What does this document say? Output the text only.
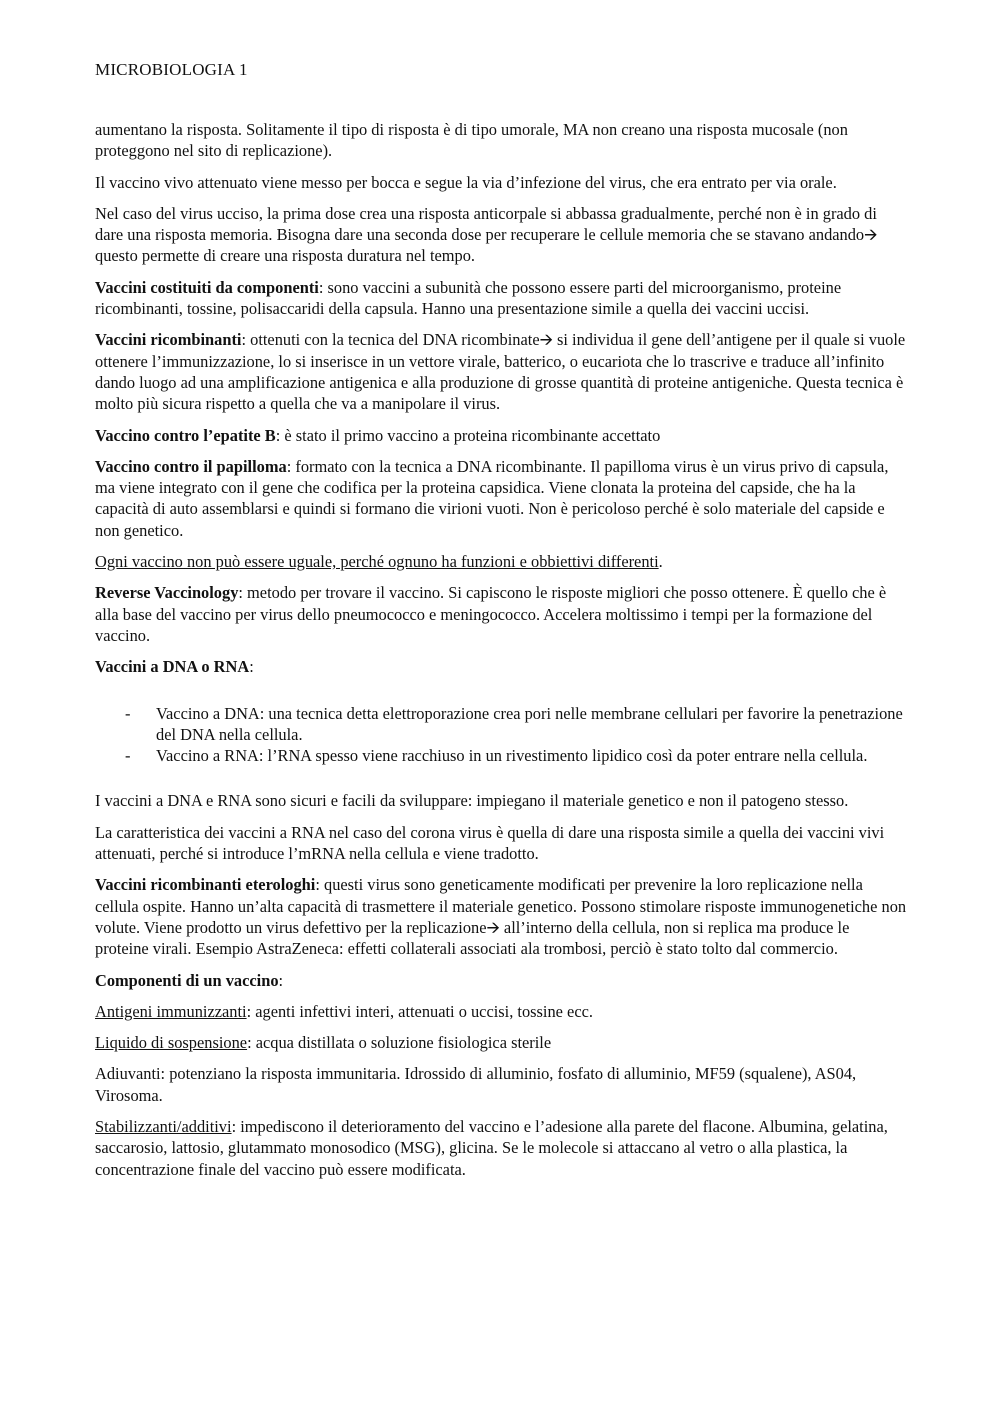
MICROBIOLOGIA 1

aumentano la risposta. Solitamente il tipo di risposta è di tipo umorale, MA non creano una risposta mucosale (non proteggono nel sito di replicazione).

Il vaccino vivo attenuato viene messo per bocca e segue la via d’infezione del virus, che era entrato per via orale.

Nel caso del virus ucciso, la prima dose crea una risposta anticorpale si abbassa gradualmente, perché non è in grado di dare una risposta memoria. Bisogna dare una seconda dose per recuperare le cellule memoria che se stavano andando🡪 questo permette di creare una risposta duratura nel tempo.

Vaccini costituiti da componenti: sono vaccini a subunità che possono essere parti del microorganismo, proteine ricombinanti, tossine, polisaccaridi della capsula. Hanno una presentazione simile a quella dei vaccini uccisi.

Vaccini ricombinanti: ottenuti con la tecnica del DNA ricombinate🡪 si individua il gene dell’antigene per il quale si vuole ottenere l’immunizzazione, lo si inserisce in un vettore virale, batterico, o eucariota che lo trascrive e traduce all’infinito dando luogo ad una amplificazione antigenica e alla produzione di grosse quantità di proteine antigeniche. Questa tecnica è molto più sicura rispetto a quella che va a manipolare il virus.

Vaccino contro l’epatite B: è stato il primo vaccino a proteina ricombinante accettato

Vaccino contro il papilloma: formato con la tecnica a DNA ricombinante. Il papilloma virus è un virus privo di capsula, ma viene integrato con il gene che codifica per la proteina capsidica. Viene clonata la proteina del capside, che ha la capacità di auto assemblarsi e quindi si formano die virioni vuoti. Non è pericoloso perché è solo materiale del capside e non genetico.

Ogni vaccino non può essere uguale, perché ognuno ha funzioni e obbiettivi differenti.

Reverse Vaccinology: metodo per trovare il vaccino. Si capiscono le risposte migliori che posso ottenere. È quello che è alla base del vaccino per virus dello pneumococco e meningococco. Accelera moltissimo i tempi per la formazione del vaccino.

Vaccini a DNA o RNA:

- Vaccino a DNA: una tecnica detta elettroporazione crea pori nelle membrane cellulari per favorire la penetrazione del DNA nella cellula.
- Vaccino a RNA: l’RNA spesso viene racchiuso in un rivestimento lipidico così da poter entrare nella cellula.

I vaccini a DNA e RNA sono sicuri e facili da sviluppare: impiegano il materiale genetico e non il patogeno stesso.

La caratteristica dei vaccini a RNA nel caso del corona virus è quella di dare una risposta simile a quella dei vaccini vivi attenuati, perché si introduce l’mRNA nella cellula e viene tradotto.

Vaccini ricombinanti eterologhi: questi virus sono geneticamente modificati per prevenire la loro replicazione nella cellula ospite. Hanno un’alta capacità di trasmettere il materiale genetico. Possono stimolare risposte immunogenetiche non volute. Viene prodotto un virus defettivo per la replicazione🡪 all’interno della cellula, non si replica ma produce le proteine virali. Esempio AstraZeneca: effetti collaterali associati ala trombosi, perciò è stato tolto dal commercio.

Componenti di un vaccino:

Antigeni immunizzanti: agenti infettivi interi, attenuati o uccisi, tossine ecc.

Liquido di sospensione: acqua distillata o soluzione fisiologica sterile

Adiuvanti: potenziano la risposta immunitaria. Idrossido di alluminio, fosfato di alluminio, MF59 (squalene), AS04, Virosoma.

Stabilizzanti/additivi: impediscono il deterioramento del vaccino e l’adesione alla parete del flacone. Albumina, gelatina, saccarosio, lattosio, glutammato monosodico (MSG), glicina. Se le molecole si attaccano al vetro o alla plastica, la concentrazione finale del vaccino può essere modificata.
